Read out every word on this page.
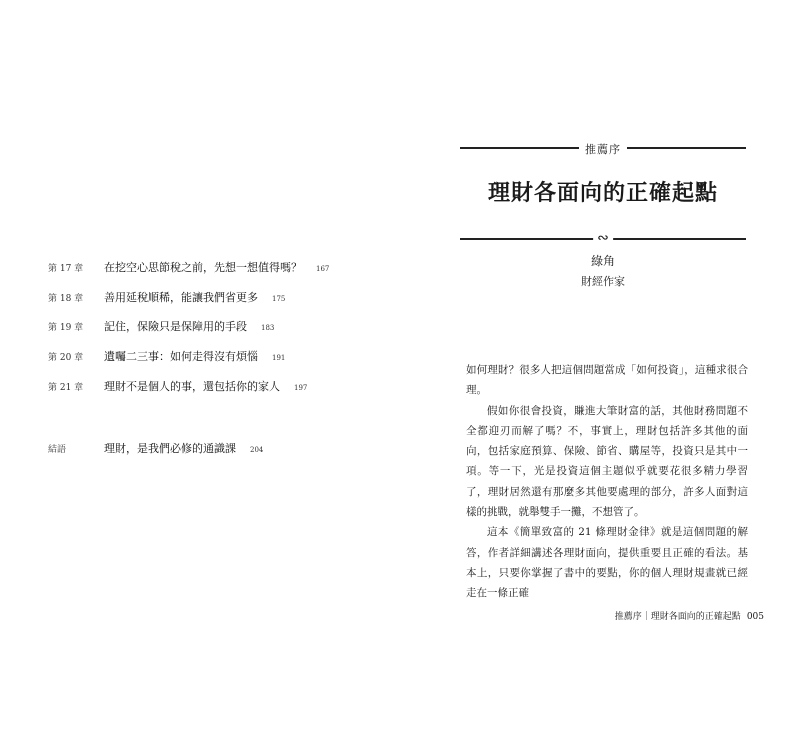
第 17 章	在挖空心思節稅之前，先想一想值得嗎？ 167
第 18 章	善用延稅順稀，能讓我們省更多 175
第 19 章	記住，保險只是保障用的手段 183
第 20 章	遺囑二三事：如何走得沒有煩惱 191
第 21 章	理財不是個人的事，還包括你的家人 197
結語	理財，是我們必修的通識課 204
推薦序
理財各面向的正確起點
∾
綠角
財經作家

如何理財？很多人把這個問題當成「如何投資」，這種求很合理。

假如你很會投資，賺進大筆財富的話，其他財務問題不全都迎刃而解了嗎？不，事實上，理財包括許多其他的面向，包括家庭預算、保險、節省、購屋等，投資只是其中一項。等一下，光是投資這個主題似乎就要花很多精力學習了，理財居然還有那麼多其他要處理的部分，許多人面對這樣的挑戰，就舉雙手一攤，不想管了。

這本《簡單致富的 21 條理財金律》就是這個問題的解答，作者詳細講述各理財面向，提供重要且正確的看法。基本上，只要你掌握了書中的要點，你的個人理財規畫就已經走在一條正確

推薦序｜理財各面向的正確起點 005
